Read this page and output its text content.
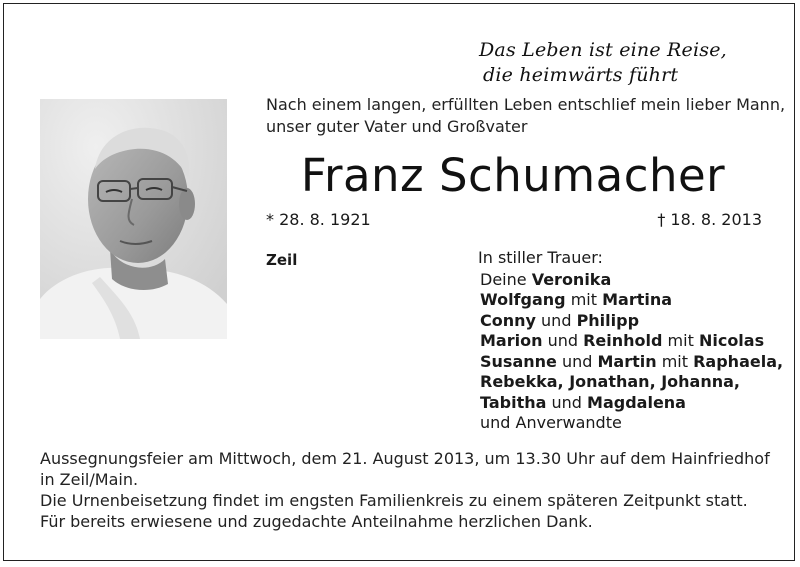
Das Leben ist eine Reise,
die heimwärts führt
Nach einem langen, erfüllten Leben entschlief mein lieber Mann,
unser guter Vater und Großvater
Franz Schumacher
* 28. 8. 1921	† 18. 8. 2013
Zeil	In stiller Trauer:
Deine Veronika
Wolfgang mit Martina
Conny und Philipp
Marion und Reinhold mit Nicolas
Susanne und Martin mit Raphaela,
Rebekka, Jonathan, Johanna,
Tabitha und Magdalena
und Anverwandte
Aussegnungsfeier am Mittwoch, dem 21. August 2013, um 13.30 Uhr auf dem Hainfriedhof
in Zeil/Main.
Die Urnenbeisetzung findet im engsten Familienkreis zu einem späteren Zeitpunkt statt.
Für bereits erwiesene und zugedachte Anteilnahme herzlichen Dank.
